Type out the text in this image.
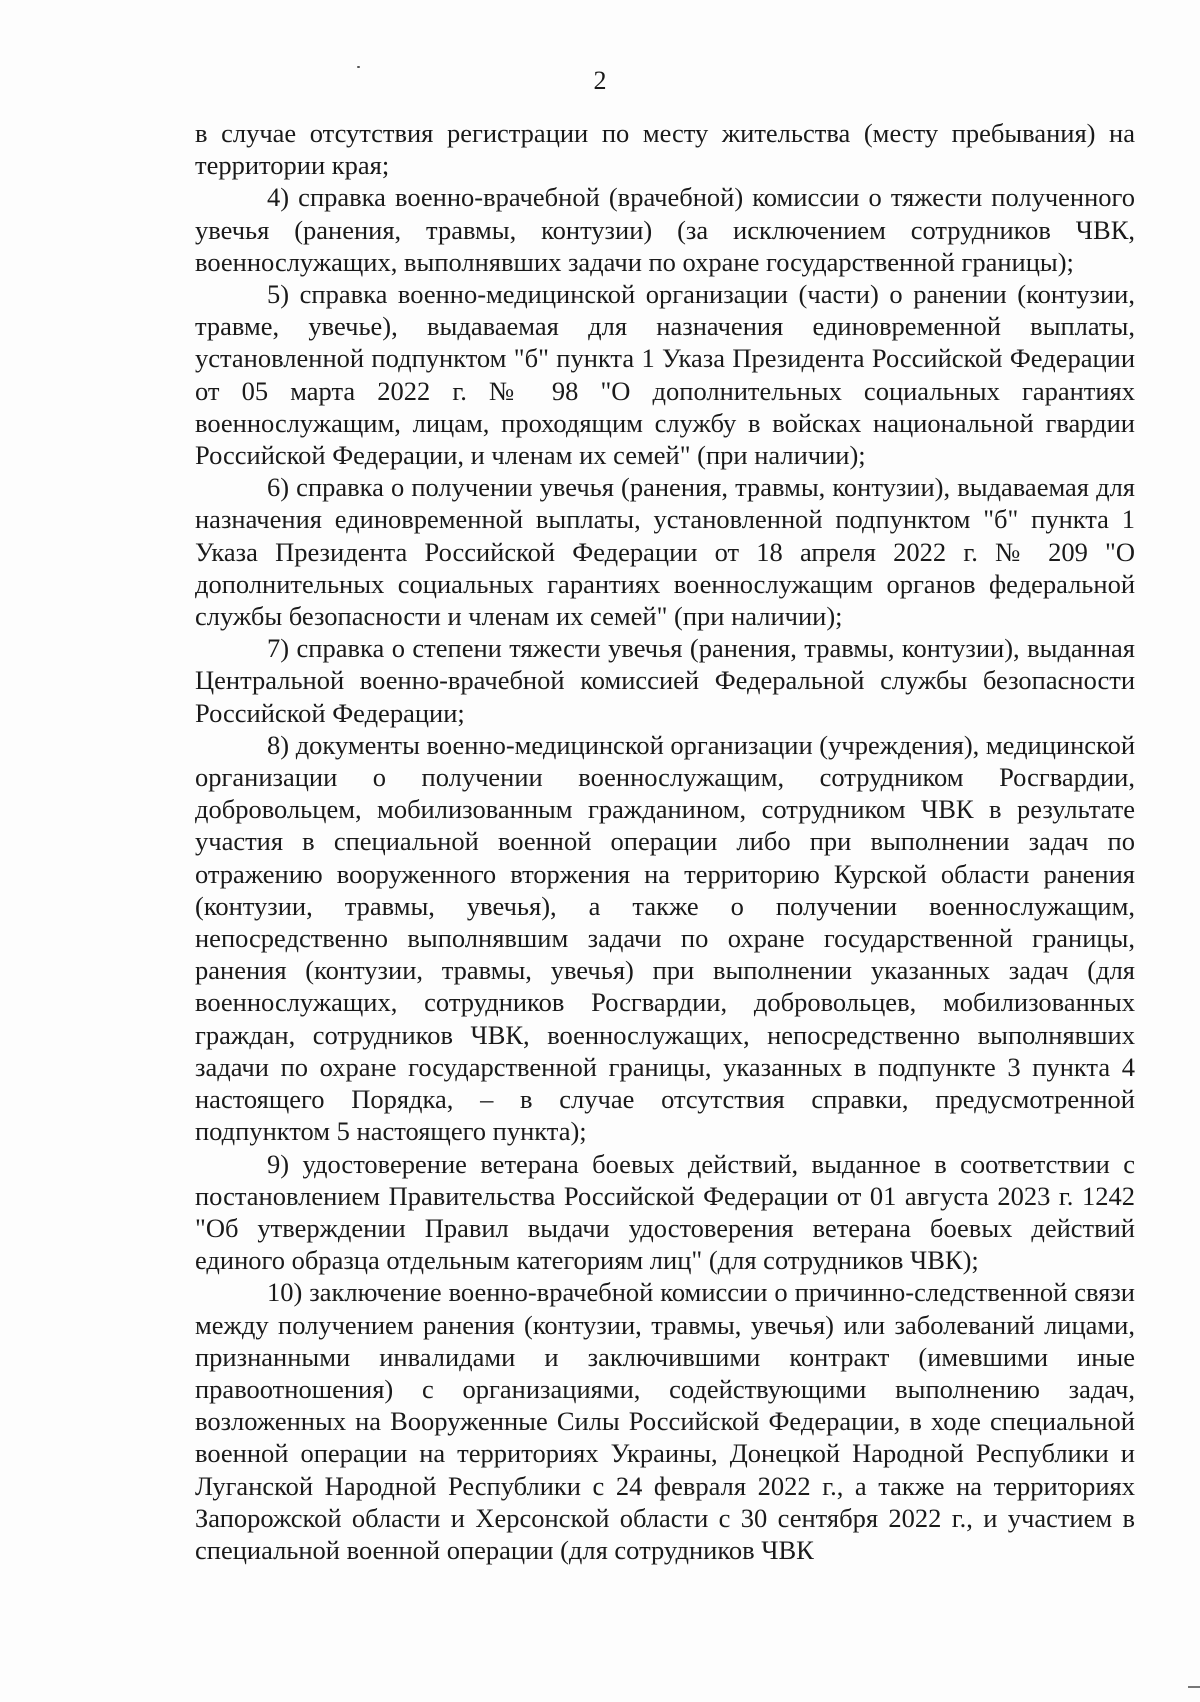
2

в случае отсутствия регистрации по месту жительства (месту пребывания) на территории края;

4) справка военно-врачебной (врачебной) комиссии о тяжести полученного увечья (ранения, травмы, контузии) (за исключением сотрудников ЧВК, военнослужащих, выполнявших задачи по охране государственной границы);

5) справка военно-медицинской организации (части) о ранении (контузии, травме, увечье), выдаваемая для назначения единовременной выплаты, установленной подпунктом "б" пункта 1 Указа Президента Российской Федерации от 05 марта 2022 г. № 98 "О дополнительных социальных гарантиях военнослужащим, лицам, проходящим службу в войсках национальной гвардии Российской Федерации, и членам их семей" (при наличии);

6) справка о получении увечья (ранения, травмы, контузии), выдаваемая для назначения единовременной выплаты, установленной подпунктом "б" пункта 1 Указа Президента Российской Федерации от 18 апреля 2022 г. № 209 "О дополнительных социальных гарантиях военнослужащим органов федеральной службы безопасности и членам их семей" (при наличии);

7) справка о степени тяжести увечья (ранения, травмы, контузии), выданная Центральной военно-врачебной комиссией Федеральной службы безопасности Российской Федерации;

8) документы военно-медицинской организации (учреждения), медицинской организации о получении военнослужащим, сотрудником Росгвардии, добровольцем, мобилизованным гражданином, сотрудником ЧВК в результате участия в специальной военной операции либо при выполнении задач по отражению вооруженного вторжения на территорию Курской области ранения (контузии, травмы, увечья), а также о получении военнослужащим, непосредственно выполнявшим задачи по охране государственной границы, ранения (контузии, травмы, увечья) при выполнении указанных задач (для военнослужащих, сотрудников Росгвардии, добровольцев, мобилизованных граждан, сотрудников ЧВК, военнослужащих, непосредственно выполнявших задачи по охране государственной границы, указанных в подпункте 3 пункта 4 настоящего Порядка, – в случае отсутствия справки, предусмотренной подпунктом 5 настоящего пункта);

9) удостоверение ветерана боевых действий, выданное в соответствии с постановлением Правительства Российской Федерации от 01 августа 2023 г. 1242 "Об утверждении Правил выдачи удостоверения ветерана боевых действий единого образца отдельным категориям лиц" (для сотрудников ЧВК);

10) заключение военно-врачебной комиссии о причинно-следственной связи между получением ранения (контузии, травмы, увечья) или заболеваний лицами, признанными инвалидами и заключившими контракт (имевшими иные правоотношения) с организациями, содействующими выполнению задач, возложенных на Вооруженные Силы Российской Федерации, в ходе специальной военной операции на территориях Украины, Донецкой Народной Республики и Луганской Народной Республики с 24 февраля 2022 г., а также на территориях Запорожской области и Херсонской области с 30 сентября 2022 г., и участием в специальной военной операции (для сотрудников ЧВК
